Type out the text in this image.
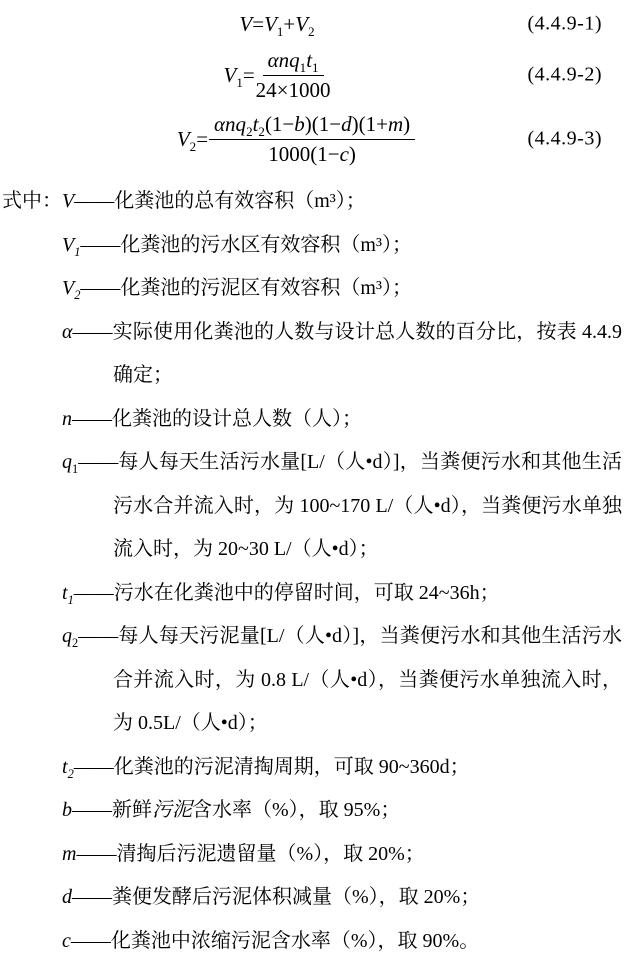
$V=V_1+V_2$	(4.4.9-1)
$V_1= \frac{\alpha nq_1t_1}{24\times 1000}$	(4.4.9-2)
$V_2= \frac{\alpha nq_2t_2(1-b)(1-d)(1+m)}{1000(1-c)}$	(4.4.9-3)
式中： V——化粪池的总有效容积（m³）；
$V_1——$化粪池的污水区有效容积（m³）；
$V_2——$化粪池的污泥区有效容积（m³）；
α——实际使用化粪池的人数与设计总人数的百分比，按表 4.4.9 确定；
n——化粪池的设计总人数（人）；
$q_1——$每人每天生活污水量[L/（人•d）]，当粪便污水和其他生活污水合并流入时，为 100~170 L/（人•d），当粪便污水单独流入时，为 20~30 L/（人•d）；
$t_1——$污水在化粪池中的停留时间，可取 24~36h；
$q_2——$每人每天污泥量[L/（人•d）]，当粪便污水和其他生活污水合并流入时，为 0.8 L/（人•d），当粪便污水单独流入时，为 0.5L/（人•d）；
$t_2——$化粪池的污泥清掏周期，可取 90~360d；
b——新鲜污泥含水率（%），取 95%；
m——清掏后污泥遗留量（%），取 20%；
d——粪便发酵后污泥体积减量（%），取 20%；
c——化粪池中浓缩污泥含水率（%），取 90%。
